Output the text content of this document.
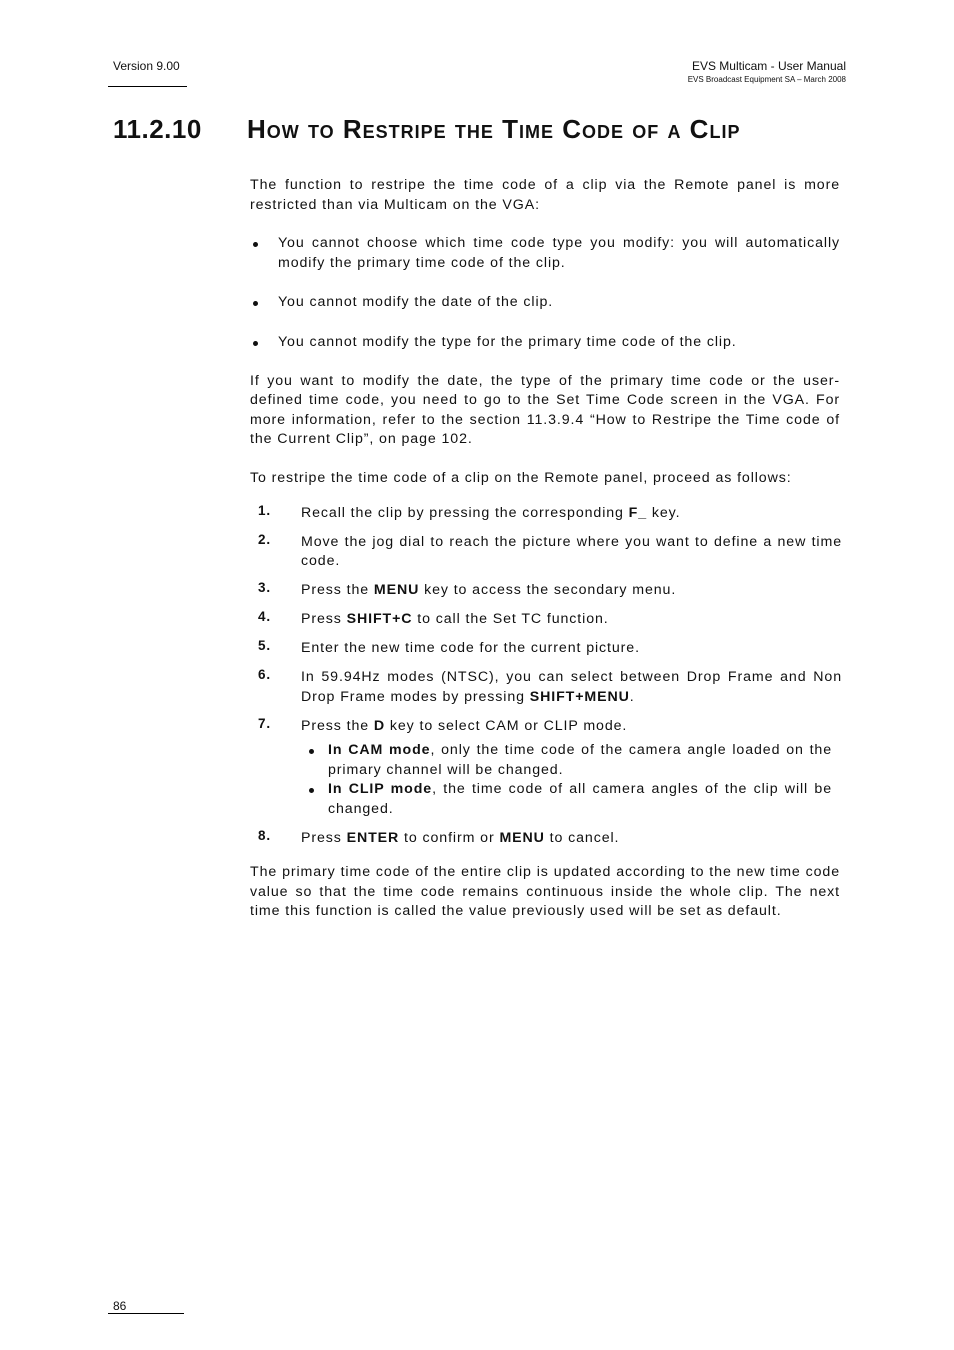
Version 9.00	EVS Multicam - User Manual
EVS Broadcast Equipment SA – March 2008
11.2.10 How to Restripe the Time Code of a Clip

The function to restripe the time code of a clip via the Remote panel is more restricted than via Multicam on the VGA:

You cannot choose which time code type you modify: you will automatically modify the primary time code of the clip.
You cannot modify the date of the clip.
You cannot modify the type for the primary time code of the clip.

If you want to modify the date, the type of the primary time code or the user-defined time code, you need to go to the Set Time Code screen in the VGA. For more information, refer to the section 11.3.9.4 “How to Restripe the Time code of the Current Clip”, on page 102.

To restripe the time code of a clip on the Remote panel, proceed as follows:

1. Recall the clip by pressing the corresponding F_ key.
2. Move the jog dial to reach the picture where you want to define a new time code.
3. Press the MENU key to access the secondary menu.
4. Press SHIFT+C to call the Set TC function.
5. Enter the new time code for the current picture.
6. In 59.94Hz modes (NTSC), you can select between Drop Frame and Non Drop Frame modes by pressing SHIFT+MENU.
7. Press the D key to select CAM or CLIP mode.
In CAM mode, only the time code of the camera angle loaded on the primary channel will be changed.
In CLIP mode, the time code of all camera angles of the clip will be changed.
8. Press ENTER to confirm or MENU to cancel.

The primary time code of the entire clip is updated according to the new time code value so that the time code remains continuous inside the whole clip. The next time this function is called the value previously used will be set as default.

86
